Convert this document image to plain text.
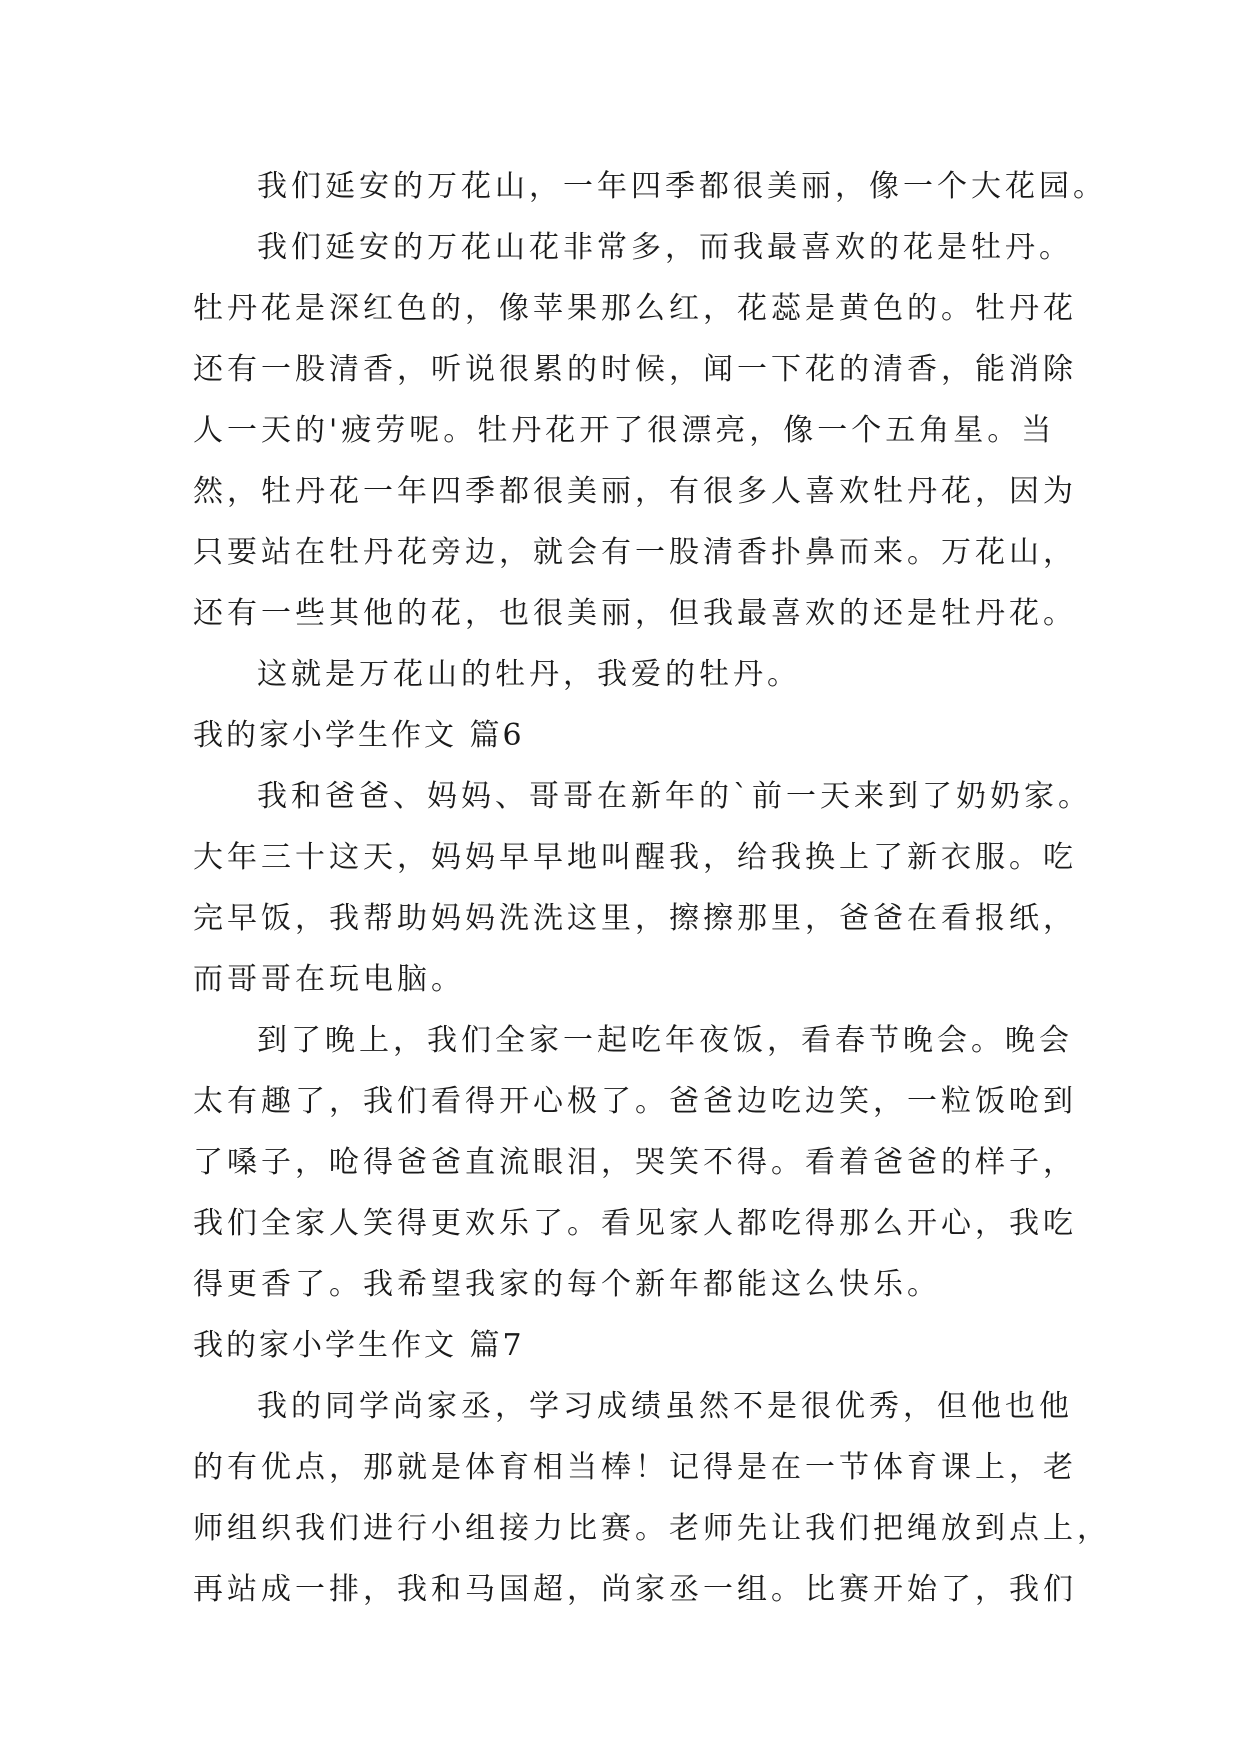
我们延安的万花山，一年四季都很美丽，像一个大花园。
我们延安的万花山花非常多，而我最喜欢的花是牡丹。
牡丹花是深红色的，像苹果那么红，花蕊是黄色的。牡丹花
还有一股清香，听说很累的时候，闻一下花的清香，能消除
人一天的'疲劳呢。牡丹花开了很漂亮，像一个五角星。当
然，牡丹花一年四季都很美丽，有很多人喜欢牡丹花，因为
只要站在牡丹花旁边，就会有一股清香扑鼻而来。万花山，
还有一些其他的花，也很美丽，但我最喜欢的还是牡丹花。
这就是万花山的牡丹，我爱的牡丹。
我的家小学生作文 篇6
我和爸爸、妈妈、哥哥在新年的`前一天来到了奶奶家。
大年三十这天，妈妈早早地叫醒我，给我换上了新衣服。吃
完早饭，我帮助妈妈洗洗这里，擦擦那里，爸爸在看报纸，
而哥哥在玩电脑。
到了晚上，我们全家一起吃年夜饭，看春节晚会。晚会
太有趣了，我们看得开心极了。爸爸边吃边笑，一粒饭呛到
了嗓子，呛得爸爸直流眼泪，哭笑不得。看着爸爸的样子，
我们全家人笑得更欢乐了。看见家人都吃得那么开心，我吃
得更香了。我希望我家的每个新年都能这么快乐。
我的家小学生作文 篇7
我的同学尚家丞，学习成绩虽然不是很优秀，但他也他
的有优点，那就是体育相当棒！记得是在一节体育课上，老
师组织我们进行小组接力比赛。老师先让我们把绳放到点上，
再站成一排，我和马国超，尚家丞一组。比赛开始了，我们
